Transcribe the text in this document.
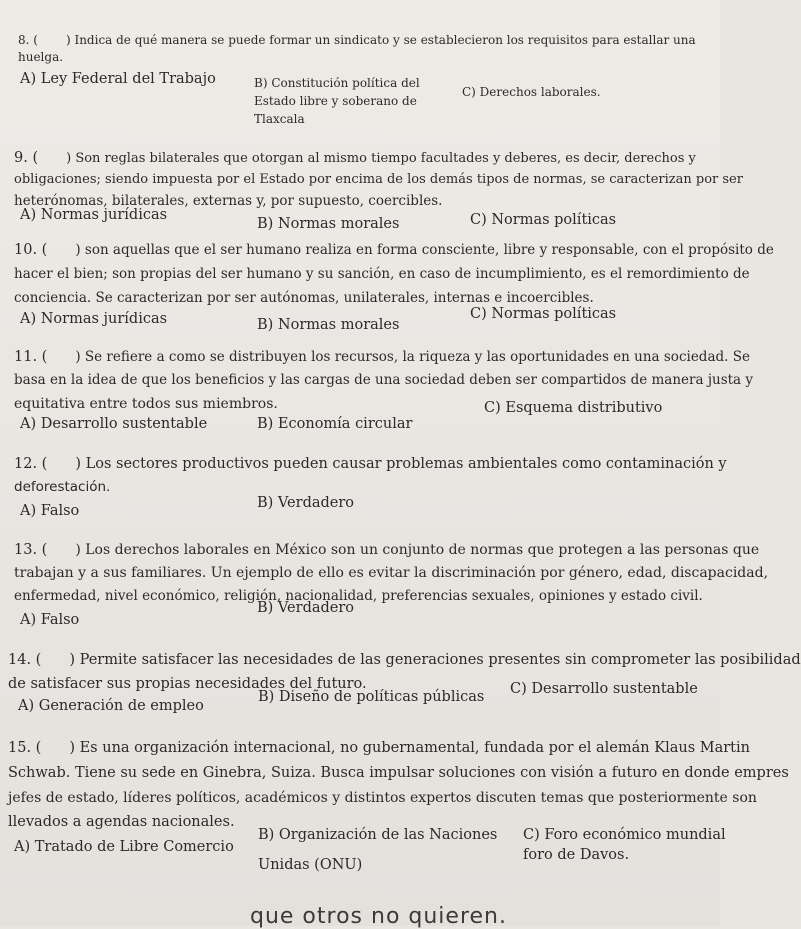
8. ( ) Indica de qué manera se puede formar un sindicato y se establecieron los requisitos para estallar una
huelga.
A) Ley Federal del Trabajo	B) Constitución política del
Estado libre y soberano de
Tlaxcala
C) Derechos laborales.
9. ( ) Son reglas bilaterales que otorgan al mismo tiempo facultades y deberes, es decir, derechos y
obligaciones; siendo impuesta por el Estado por encima de los demás tipos de normas, se caracterizan por ser
heterónomas, bilaterales, externas y, por supuesto, coercibles.
A) Normas jurídicas
B) Normas morales	C) Normas políticas
10. ( ) son aquellas que el ser humano realiza en forma consciente, libre y responsable, con el propósito de
hacer el bien; son propias del ser humano y su sanción, en caso de incumplimiento, es el remordimiento de
conciencia. Se caracterizan por ser autónomas, unilaterales, internas e incoercibles.
A) Normas jurídicas	B) Normas morales
C) Normas políticas
11. ( ) Se refiere a como se distribuyen los recursos, la riqueza y las oportunidades en una sociedad. Se
basa en la idea de que los beneficios y las cargas de una sociedad deben ser compartidos de manera justa y
equitativa entre todos sus miembros.
A) Desarrollo sustentable	B) Economía circular
C) Esquema distributivo
12. ( ) Los sectores productivos pueden causar problemas ambientales como contaminación y
deforestación.
A) Falso	B) Verdadero
13. ( ) Los derechos laborales en México son un conjunto de normas que protegen a las personas que
trabajan y a sus familiares. Un ejemplo de ello es evitar la discriminación por género, edad, discapacidad,
enfermedad, nivel económico, religión, nacionalidad, preferencias sexuales, opiniones y estado civil.
A) Falso
B) Verdadero
14. ( ) Permite satisfacer las necesidades de las generaciones presentes sin comprometer las posibilidad
de satisfacer sus propias necesidades del futuro.
A) Generación de empleo
B) Diseño de políticas públicas C) Desarrollo sustentable
15. ( ) Es una organización internacional, no gubernamental, fundada por el alemán Klaus Martin
Schwab. Tiene su sede en Ginebra, Suiza. Busca impulsar soluciones con visión a futuro en donde empres
jefes de estado, líderes políticos, académicos y distintos expertos discuten temas que posteriormente son
llevados a agendas nacionales.
A) Tratado de Libre Comercio
B) Organización de las Naciones
Unidas (ONU)
C) Foro económico mundial
foro de Davos.
que otros no quieren.
